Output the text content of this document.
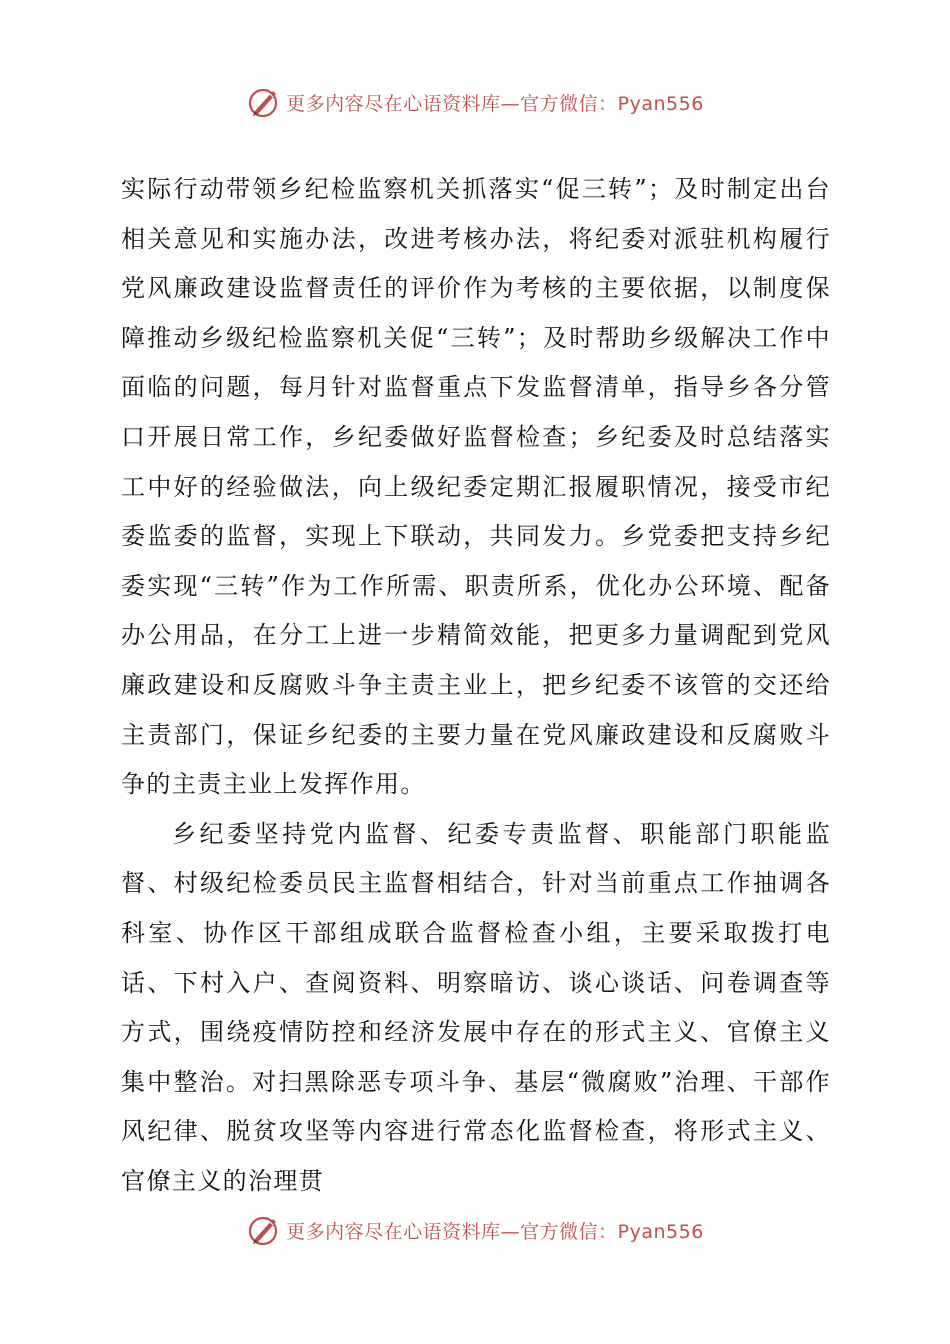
更多内容尽在心语资料库—官方微信：Pyan556

实际行动带领乡纪检监察机关抓落实“促三转”；及时制定出台相关意见和实施办法，改进考核办法，将纪委对派驻机构履行党风廉政建设监督责任的评价作为考核的主要依据，以制度保障推动乡级纪检监察机关促“三转”；及时帮助乡级解决工作中面临的问题，每月针对监督重点下发监督清单，指导乡各分管口开展日常工作，乡纪委做好监督检查；乡纪委及时总结落实工中好的经验做法，向上级纪委定期汇报履职情况，接受市纪委监委的监督，实现上下联动，共同发力。乡党委把支持乡纪委实现“三转”作为工作所需、职责所系，优化办公环境、配备办公用品，在分工上进一步精简效能，把更多力量调配到党风廉政建设和反腐败斗争主责主业上，把乡纪委不该管的交还给主责部门，保证乡纪委的主要力量在党风廉政建设和反腐败斗争的主责主业上发挥作用。

乡纪委坚持党内监督、纪委专责监督、职能部门职能监督、村级纪检委员民主监督相结合，针对当前重点工作抽调各科室、协作区干部组成联合监督检查小组，主要采取拨打电话、下村入户、查阅资料、明察暗访、谈心谈话、问卷调查等方式，围绕疫情防控和经济发展中存在的形式主义、官僚主义集中整治。对扫黑除恶专项斗争、基层“微腐败”治理、干部作风纪律、脱贫攻坚等内容进行常态化监督检查，将形式主义、官僚主义的治理贯

更多内容尽在心语资料库—官方微信：Pyan556
